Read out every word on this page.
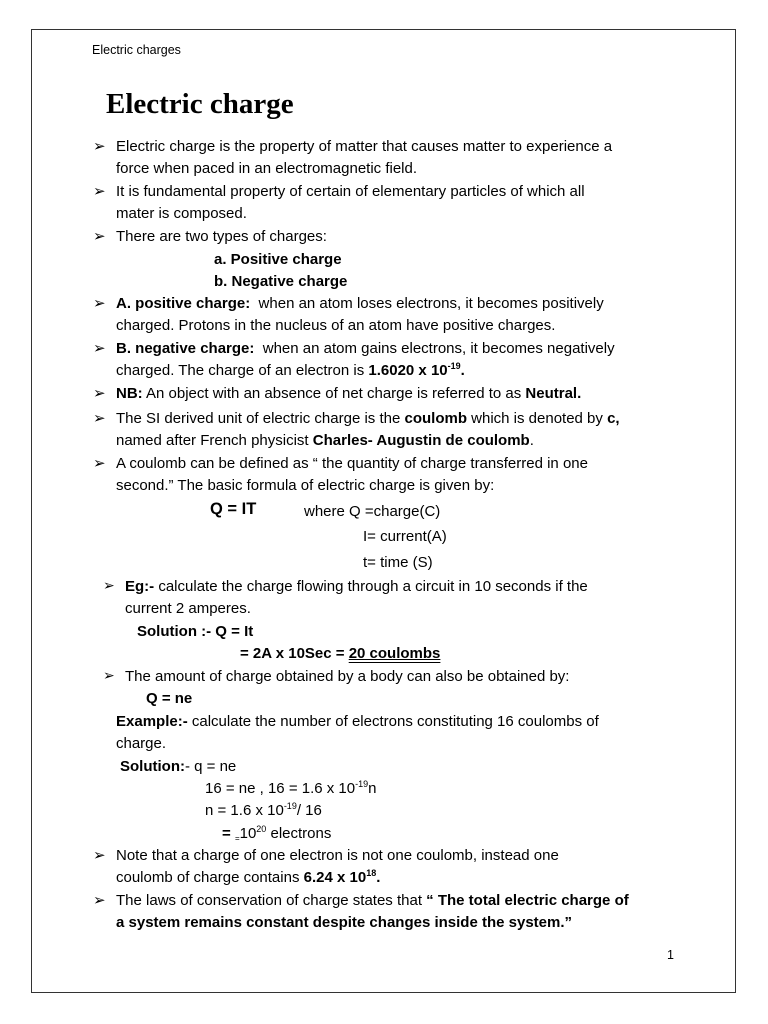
Electric charges
Electric charge
➢ Electric charge is the property of matter that causes matter to experience a
force when paced in an electromagnetic field.
➢ It is fundamental property of certain of elementary particles of which all
mater is composed.
➢ There are two types of charges:
a. Positive charge
b. Negative charge
➢ A. positive charge: when an atom loses electrons, it becomes positively
charged. Protons in the nucleus of an atom have positive charges.
➢ B. negative charge: when an atom gains electrons, it becomes negatively
charged. The charge of an electron is 1.6020 x $10^{-19}$.
➢ NB: An object with an absence of net charge is referred to as Neutral.
➢ The SI derived unit of electric charge is the coulomb which is denoted by c,
named after French physicist Charles- Augustin de coulomb.
➢ A coulomb can be defined as “ the quantity of charge transferred in one
second.” The basic formula of electric charge is given by:
Q = IT	where Q =charge(C)
I= current(A)
t= time (S)
➢ Eg:- calculate the charge flowing through a circuit in 10 seconds if the
current 2 amperes.
Solution :- Q = It
= 2A x 10Sec = 20 coulombs
➢ The amount of charge obtained by a body can also be obtained by:
Q = ne
Example:- calculate the number of electrons constituting 16 coulombs of
charge.
Solution:- q = ne
16 = ne , 16 = 1.6 x $10^{-19}n$
n = 1.6 x $10^{-19}/$ 16
= $_=10^{20}$ electrons
➢ Note that a charge of one electron is not one coulomb, instead one
coulomb of charge contains 6.24 x $10^{18}$.
➢ The laws of conservation of charge states that “ The total electric charge of
a system remains constant despite changes inside the system.”
1
